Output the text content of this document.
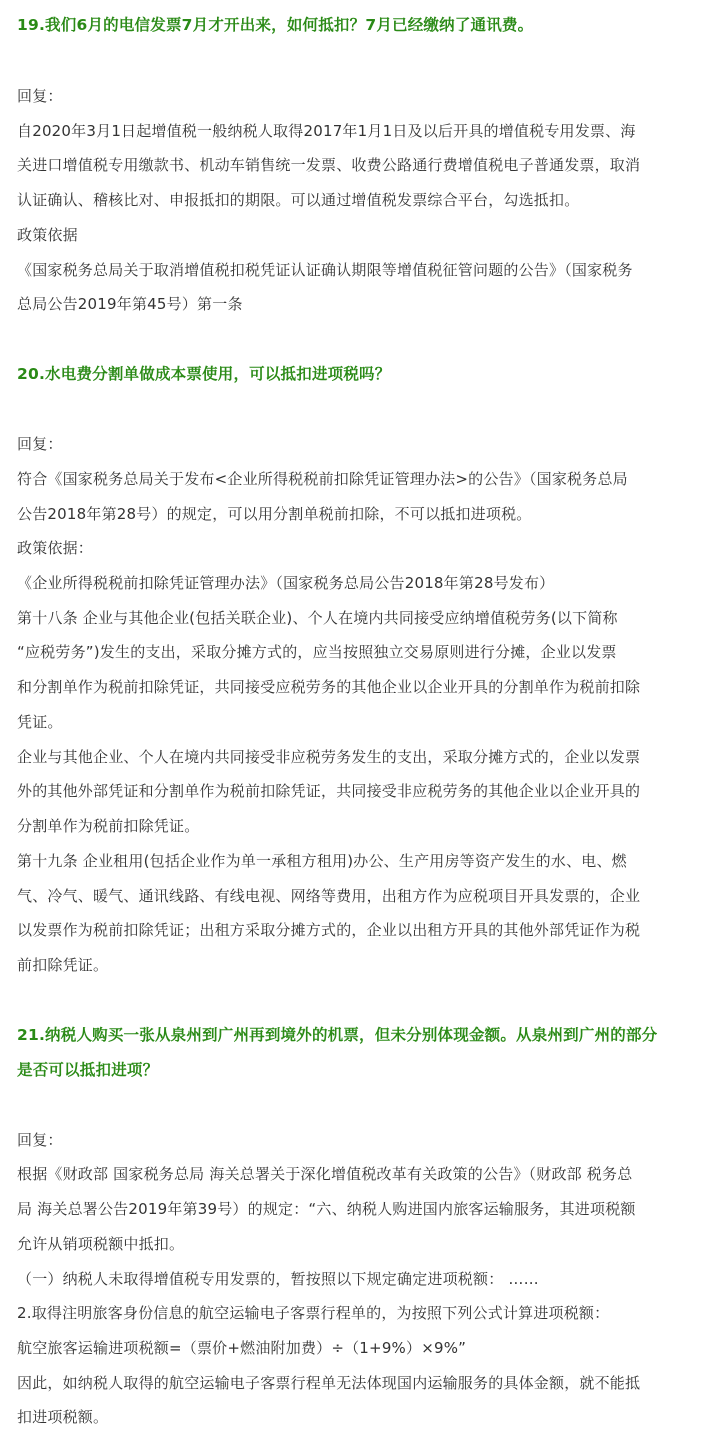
19.我们6月的电信发票7月才开出来，如何抵扣？7月已经缴纳了通讯费。
回复：
自2020年3月1日起增值税一般纳税人取得2017年1月1日及以后开具的增值税专用发票、海
关进口增值税专用缴款书、机动车销售统一发票、收费公路通行费增值税电子普通发票，取消
认证确认、稽核比对、申报抵扣的期限。可以通过增值税发票综合平台，勾选抵扣。
政策依据
《国家税务总局关于取消增值税扣税凭证认证确认期限等增值税征管问题的公告》（国家税务
总局公告2019年第45号）第一条
20.水电费分割单做成本票使用，可以抵扣进项税吗？
回复：
符合《国家税务总局关于发布<企业所得税税前扣除凭证管理办法>的公告》（国家税务总局
公告2018年第28号）的规定，可以用分割单税前扣除，不可以抵扣进项税。
政策依据：
《企业所得税税前扣除凭证管理办法》（国家税务总局公告2018年第28号发布）
第十八条 企业与其他企业(包括关联企业)、个人在境内共同接受应纳增值税劳务(以下简称
“应税劳务”)发生的支出，采取分摊方式的，应当按照独立交易原则进行分摊，企业以发票
和分割单作为税前扣除凭证，共同接受应税劳务的其他企业以企业开具的分割单作为税前扣除
凭证。
企业与其他企业、个人在境内共同接受非应税劳务发生的支出，采取分摊方式的，企业以发票
外的其他外部凭证和分割单作为税前扣除凭证，共同接受非应税劳务的其他企业以企业开具的
分割单作为税前扣除凭证。
第十九条 企业租用(包括企业作为单一承租方租用)办公、生产用房等资产发生的水、电、燃
气、冷气、暖气、通讯线路、有线电视、网络等费用，出租方作为应税项目开具发票的，企业
以发票作为税前扣除凭证；出租方采取分摊方式的，企业以出租方开具的其他外部凭证作为税
前扣除凭证。
21.纳税人购买一张从泉州到广州再到境外的机票，但未分别体现金额。从泉州到广州的部分
是否可以抵扣进项？
回复：
根据《财政部 国家税务总局 海关总署关于深化增值税改革有关政策的公告》（财政部 税务总
局 海关总署公告2019年第39号）的规定：“六、纳税人购进国内旅客运输服务，其进项税额
允许从销项税额中抵扣。
（一）纳税人未取得增值税专用发票的，暂按照以下规定确定进项税额： ……
2.取得注明旅客身份信息的航空运输电子客票行程单的，为按照下列公式计算进项税额：
航空旅客运输进项税额=（票价+燃油附加费）÷（1+9%）×9%”
因此，如纳税人取得的航空运输电子客票行程单无法体现国内运输服务的具体金额，就不能抵
扣进项税额。
